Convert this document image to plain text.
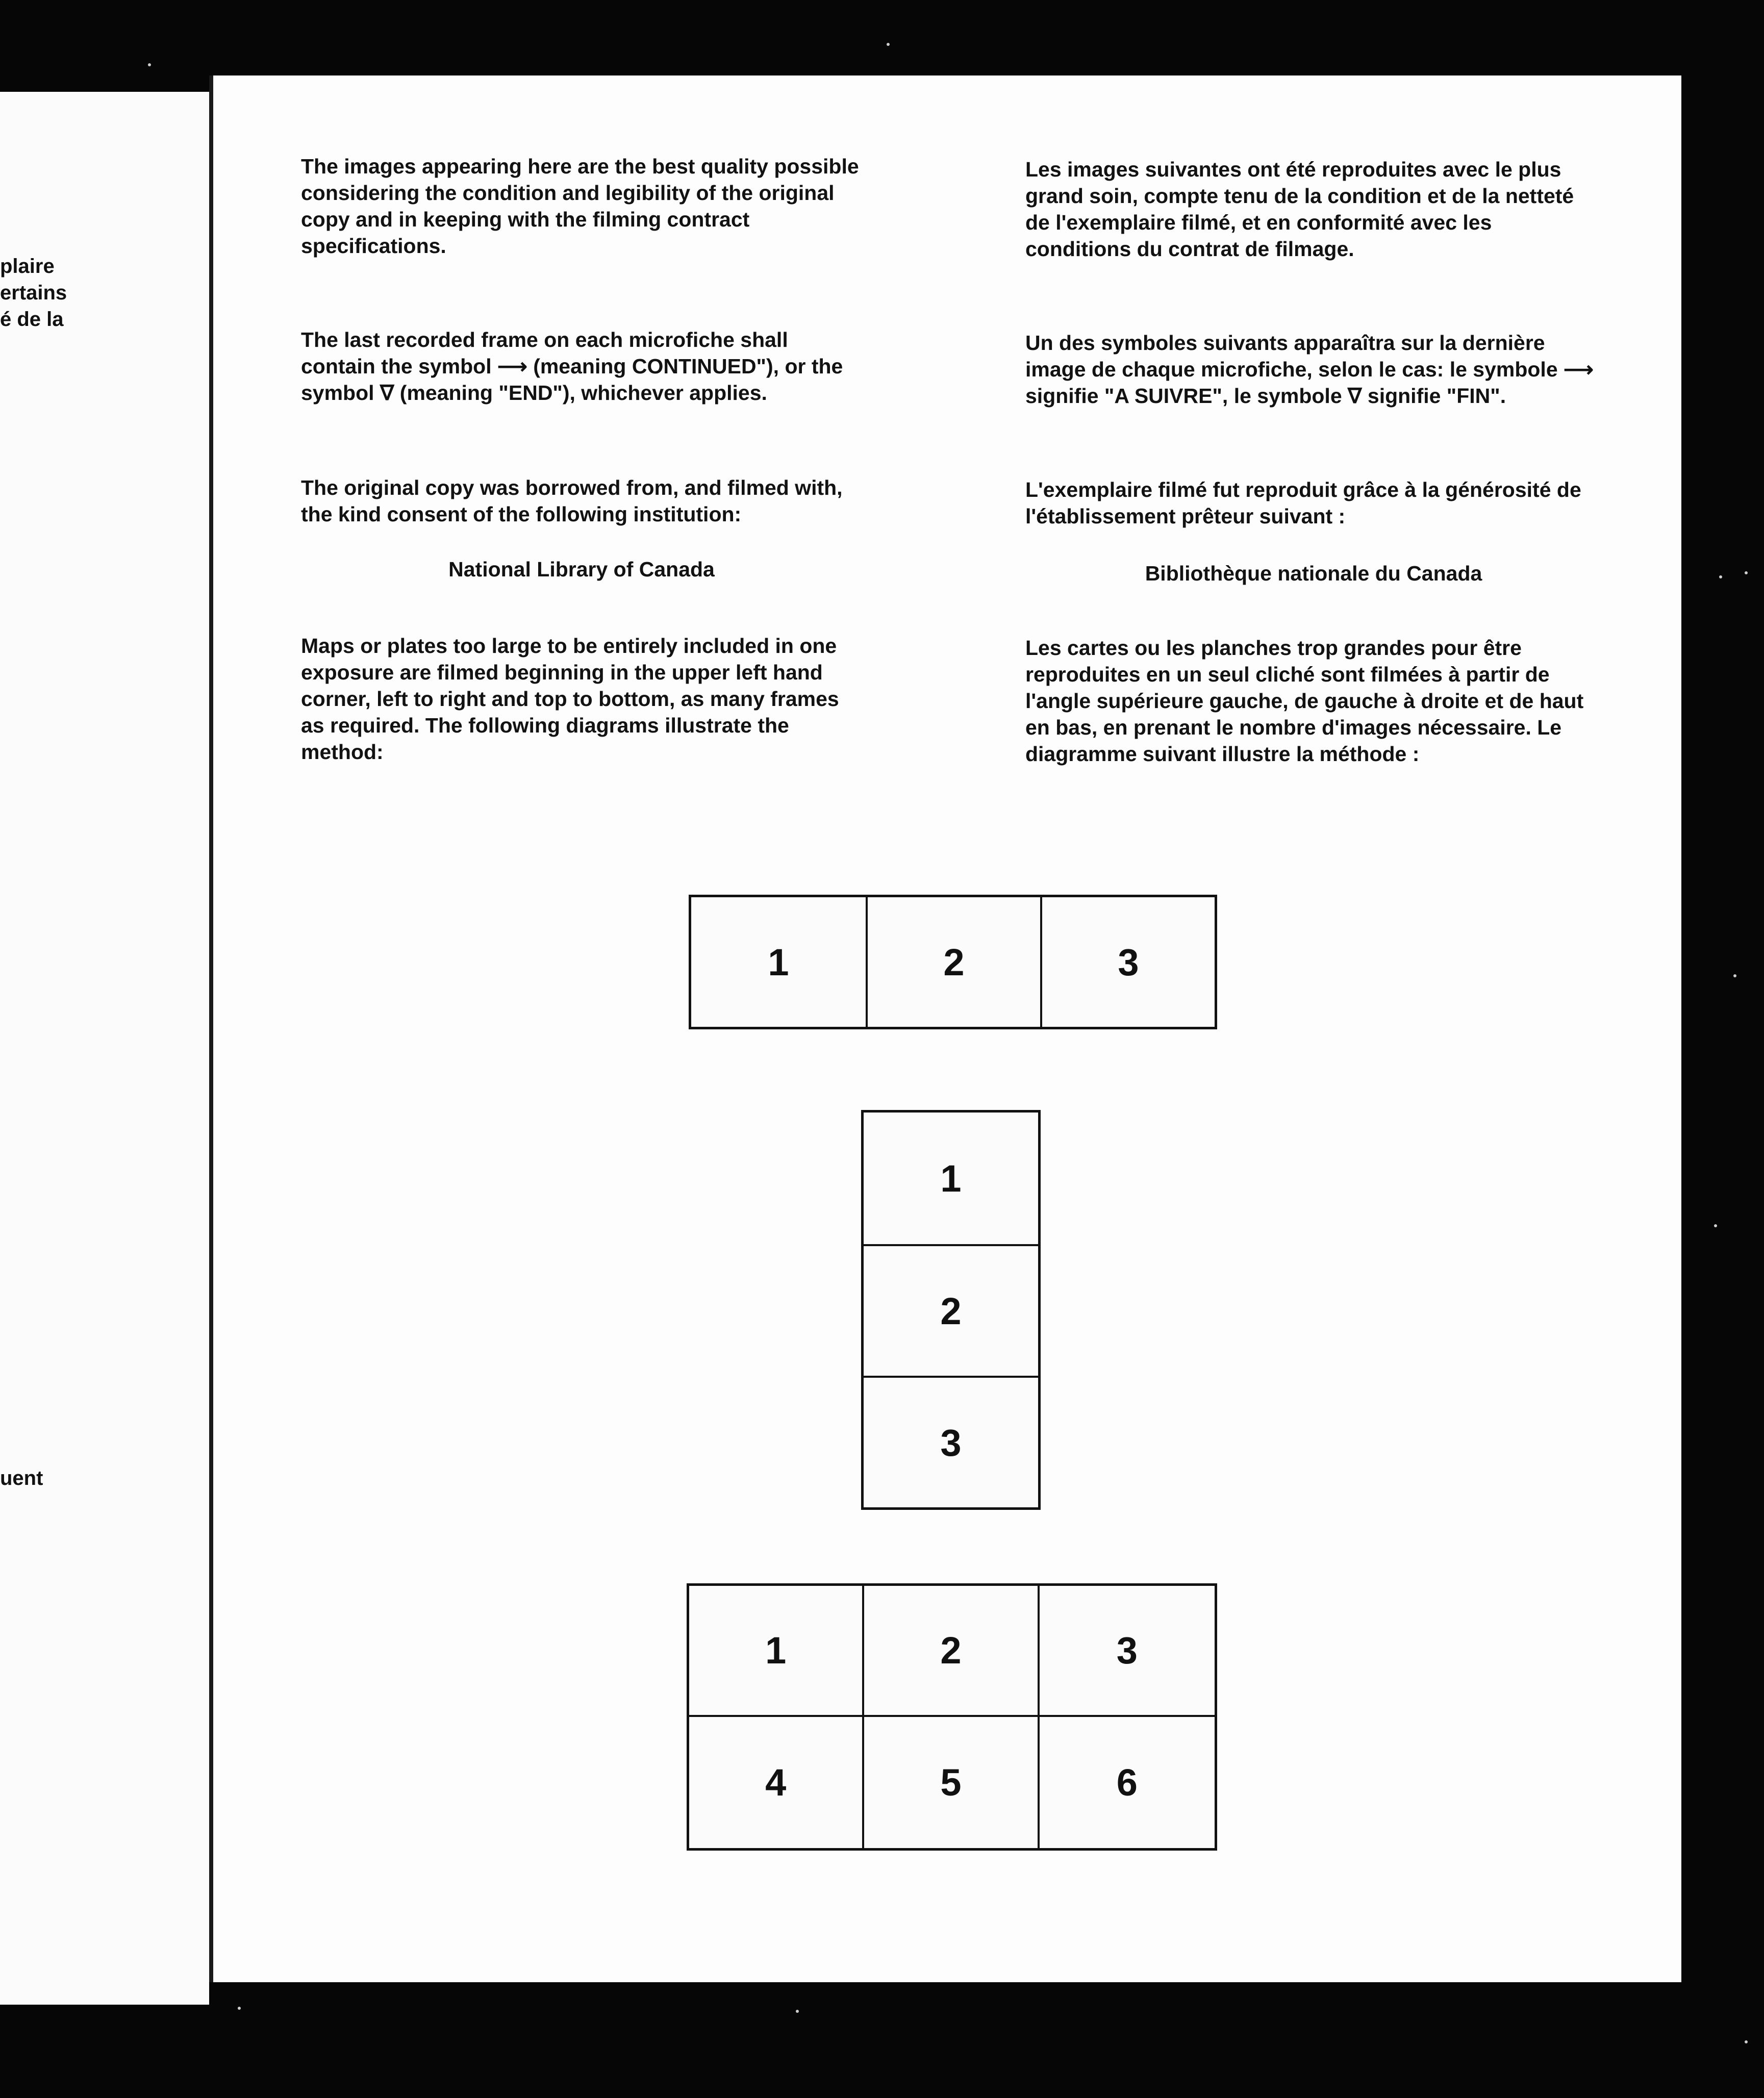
plaire
ertains
é de la
uent

The images appearing here are the best quality possible considering the condition and legibility of the original copy and in keeping with the filming contract specifications.

The last recorded frame on each microfiche shall contain the symbol ⟶ (meaning CONTINUED"), or the symbol ∇ (meaning "END"), whichever applies.

The original copy was borrowed from, and filmed with, the kind consent of the following institution:

National Library of Canada

Maps or plates too large to be entirely included in one exposure are filmed beginning in the upper left hand corner, left to right and top to bottom, as many frames as required. The following diagrams illustrate the method:

Les images suivantes ont été reproduites avec le plus grand soin, compte tenu de la condition et de la netteté de l'exemplaire filmé, et en conformité avec les conditions du contrat de filmage.

Un des symboles suivants apparaîtra sur la dernière image de chaque microfiche, selon le cas: le symbole ⟶ signifie "A SUIVRE", le symbole ∇ signifie "FIN".

L'exemplaire filmé fut reproduit grâce à la générosité de l'établissement prêteur suivant :

Bibliothèque nationale du Canada

Les cartes ou les planches trop grandes pour être reproduites en un seul cliché sont filmées à partir de l'angle supérieure gauche, de gauche à droite et de haut en bas, en prenant le nombre d'images nécessaire. Le diagramme suivant illustre la méthode :

1	2	3
1
2
3
1	2	3
4	5	6
